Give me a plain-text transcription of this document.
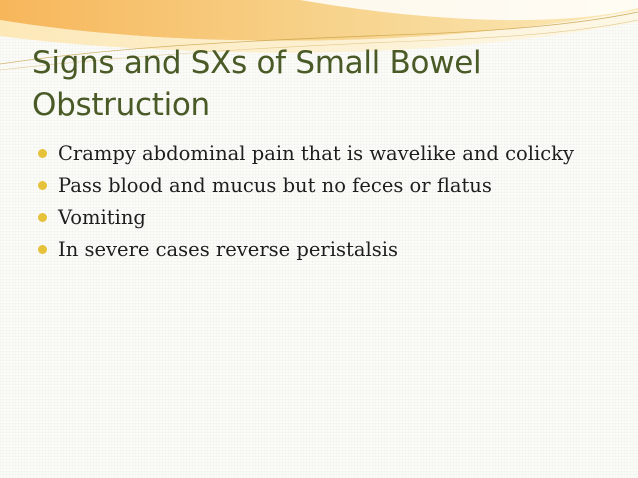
Signs and SXs of Small Bowel Obstruction
Crampy abdominal pain that is wavelike and colicky
Pass blood and mucus but no feces or flatus
Vomiting
In severe cases reverse peristalsis
